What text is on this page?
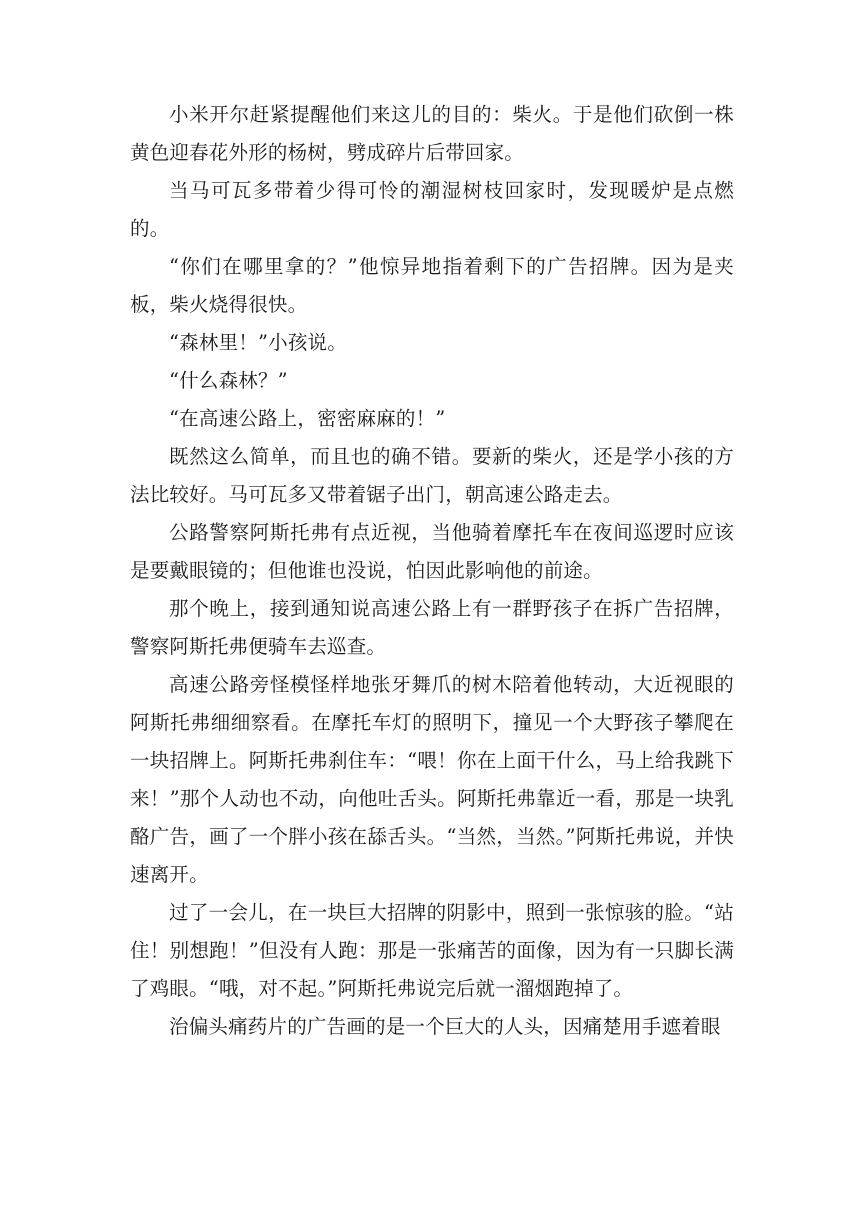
小米开尔赶紧提醒他们来这儿的目的：柴火。于是他们砍倒一株黄色迎春花外形的杨树，劈成碎片后带回家。

当马可瓦多带着少得可怜的潮湿树枝回家时，发现暖炉是点燃的。

“你们在哪里拿的？”他惊异地指着剩下的广告招牌。因为是夹板，柴火烧得很快。

“森林里！”小孩说。

“什么森林？”

“在高速公路上，密密麻麻的！”

既然这么简单，而且也的确不错。要新的柴火，还是学小孩的方法比较好。马可瓦多又带着锯子出门，朝高速公路走去。

公路警察阿斯托弗有点近视，当他骑着摩托车在夜间巡逻时应该是要戴眼镜的；但他谁也没说，怕因此影响他的前途。

那个晚上，接到通知说高速公路上有一群野孩子在拆广告招牌，警察阿斯托弗便骑车去巡查。

高速公路旁怪模怪样地张牙舞爪的树木陪着他转动，大近视眼的阿斯托弗细细察看。在摩托车灯的照明下，撞见一个大野孩子攀爬在一块招牌上。阿斯托弗刹住车：“喂！你在上面干什么，马上给我跳下来！”那个人动也不动，向他吐舌头。阿斯托弗靠近一看，那是一块乳酪广告，画了一个胖小孩在舔舌头。“当然，当然。”阿斯托弗说，并快速离开。

过了一会儿，在一块巨大招牌的阴影中，照到一张惊骇的脸。“站住！别想跑！”但没有人跑：那是一张痛苦的面像，因为有一只脚长满了鸡眼。“哦，对不起。”阿斯托弗说完后就一溜烟跑掉了。

治偏头痛药片的广告画的是一个巨大的人头，因痛楚用手遮着眼
